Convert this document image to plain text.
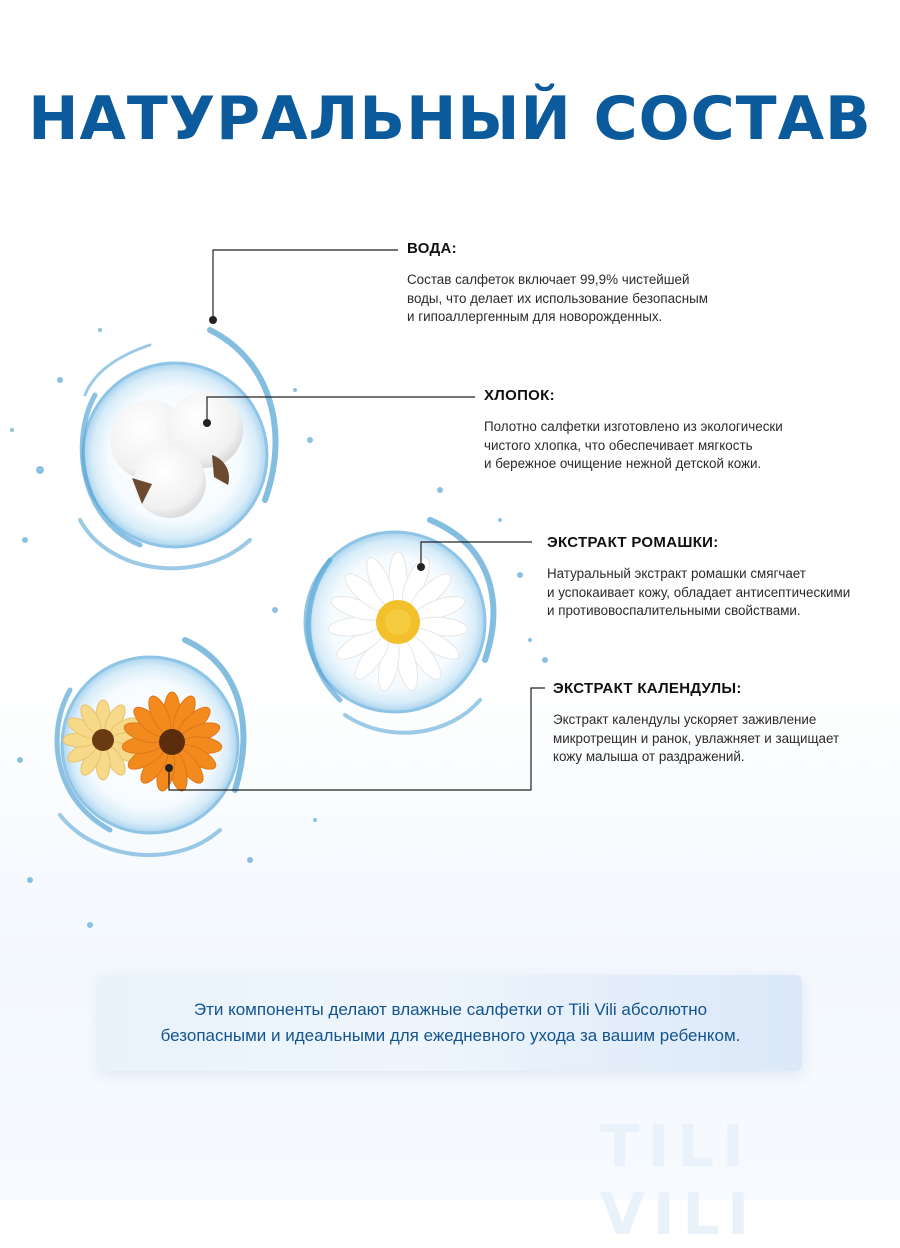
НАТУРАЛЬНЫЙ СОСТАВ
ВОДА:

Состав салфеток включает 99,9% чистейшей
воды, что делает их использование безопасным
и гипоаллергенным для новорожденных.

ХЛОПОК:

Полотно салфетки изготовлено из экологически
чистого хлопка, что обеспечивает мягкость
и бережное очищение нежной детской кожи.

ЭКСТРАКТ РОМАШКИ:

Натуральный экстракт ромашки смягчает
и успокаивает кожу, обладает антисептическими
и противовоспалительными свойствами.

ЭКСТРАКТ КАЛЕНДУЛЫ:

Экстракт календулы ускоряет заживление
микротрещин и ранок, увлажняет и защищает
кожу малыша от раздражений.

Эти компоненты делают влажные салфетки от Tili Vili абсолютно
безопасными и идеальными для ежедневного ухода за вашим ребенком.

TILI VILI
